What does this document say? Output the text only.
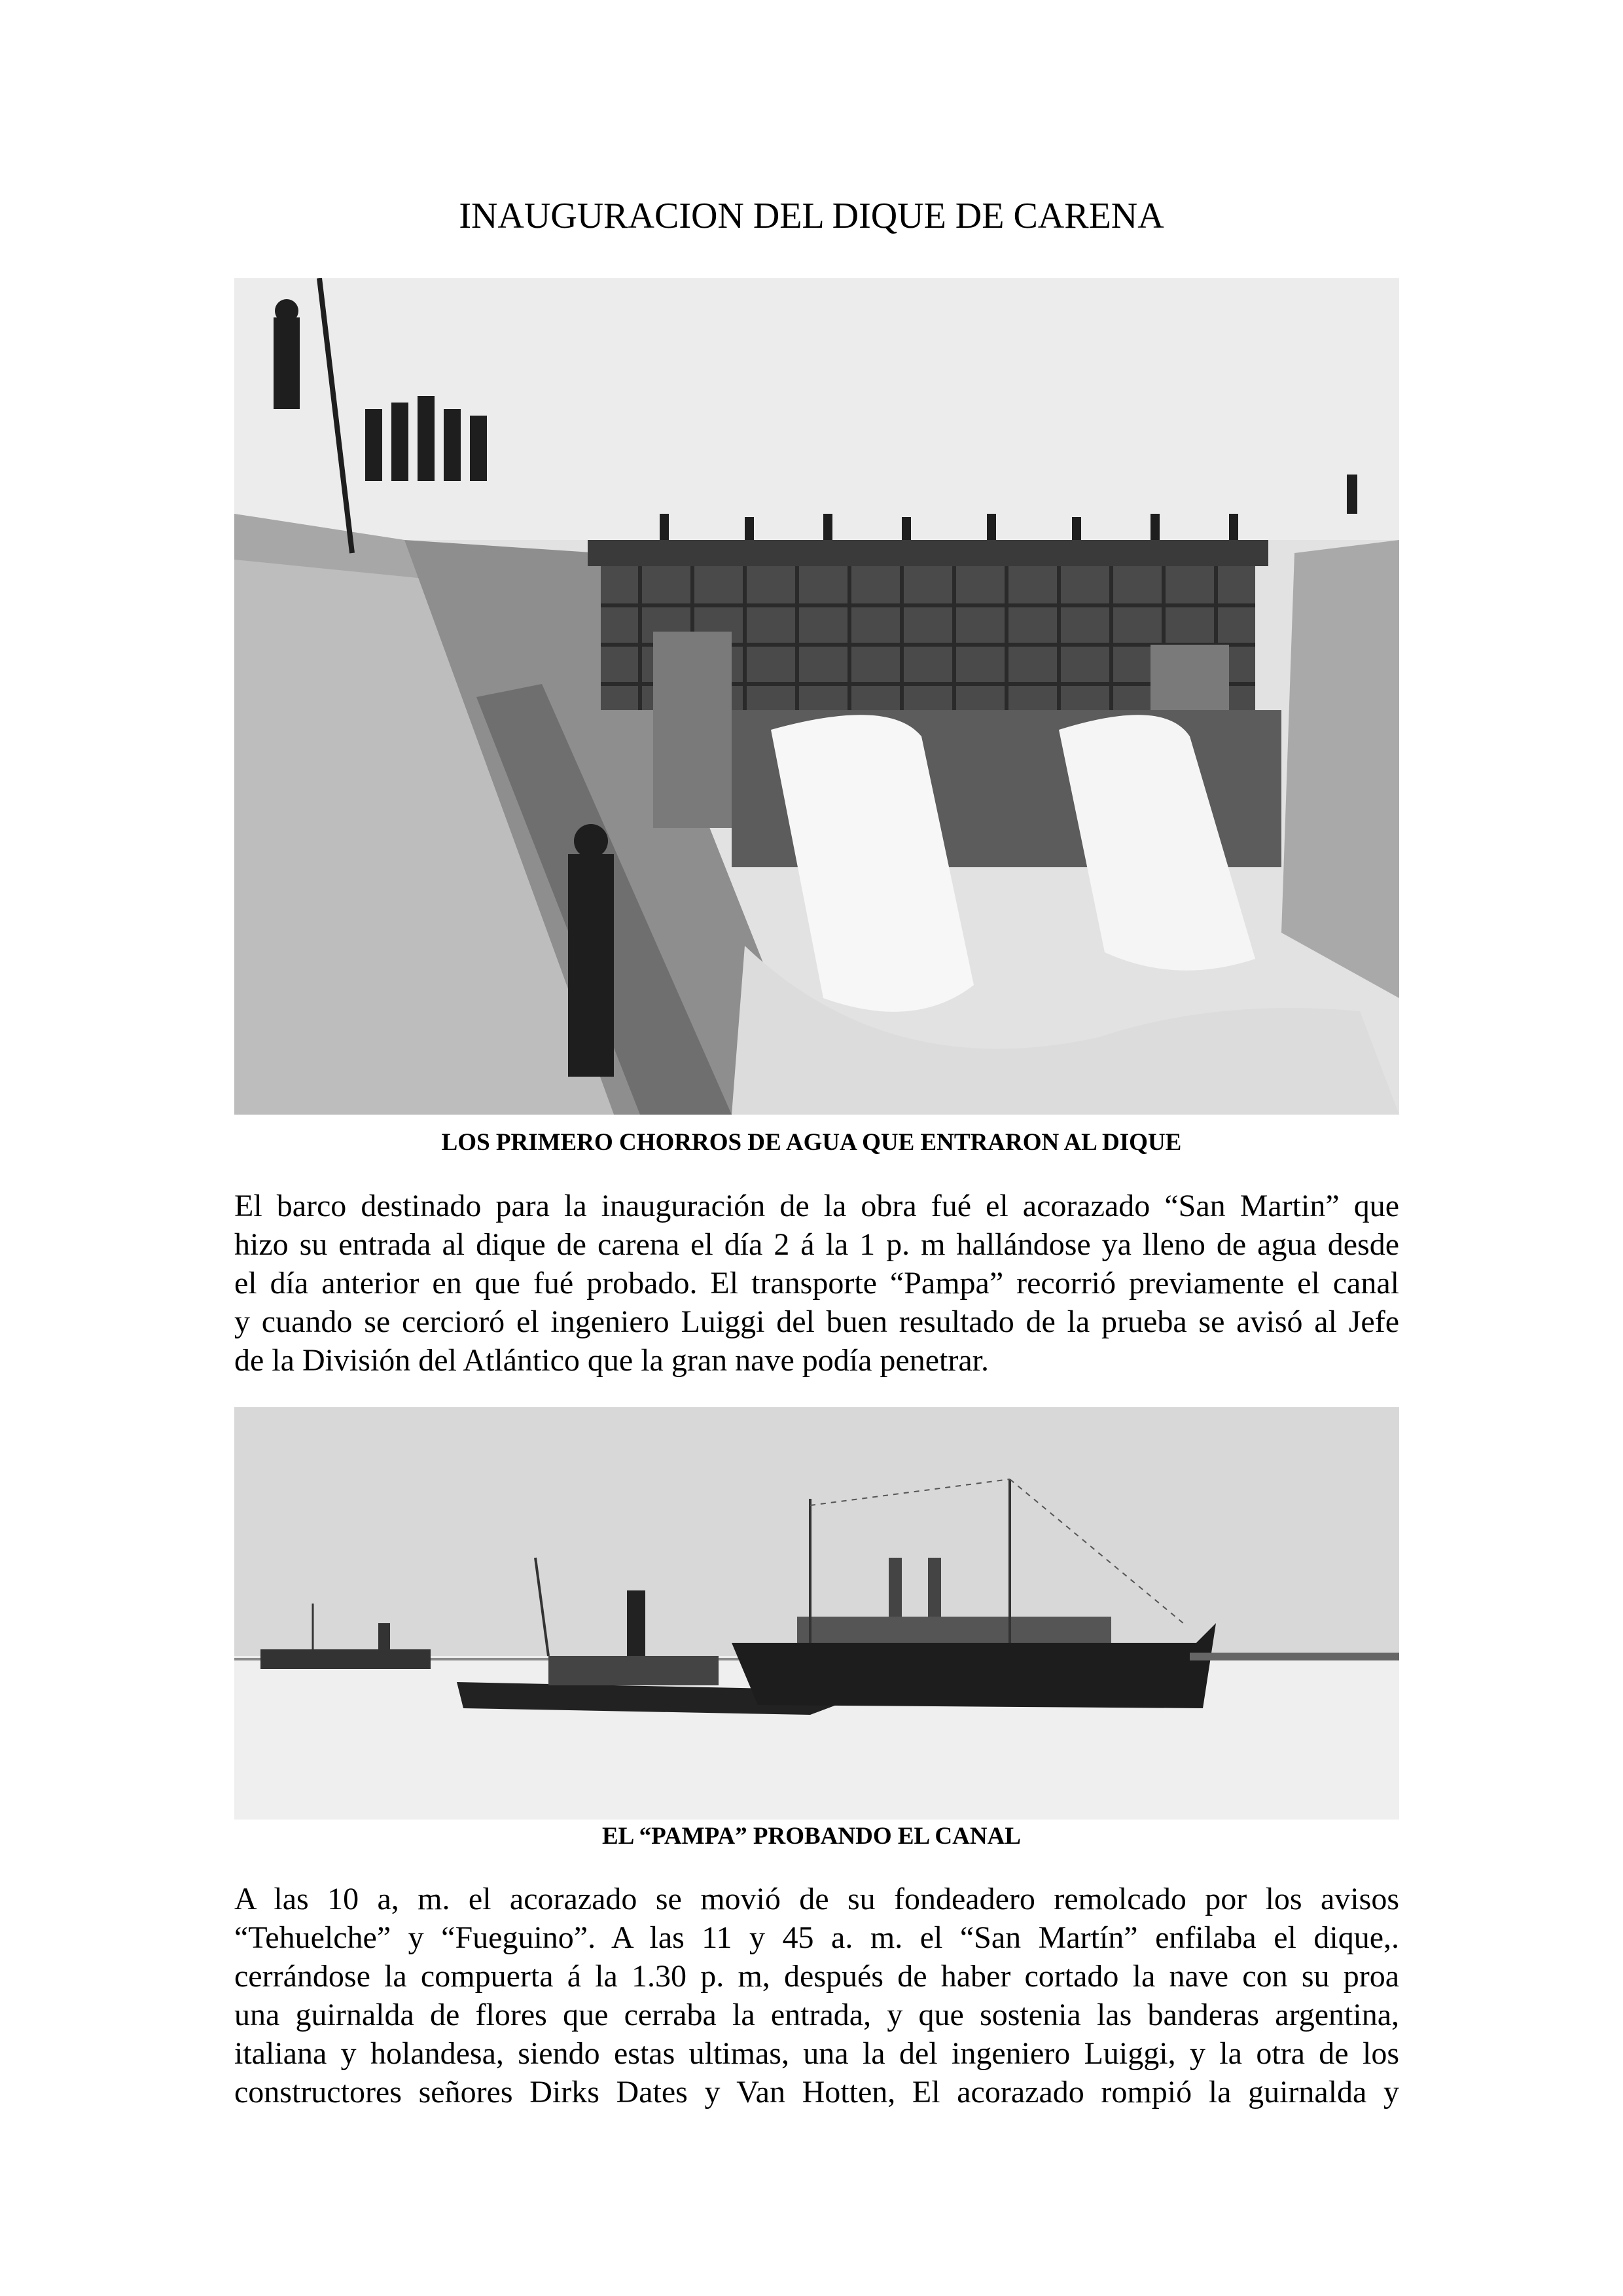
INAUGURACION DEL DIQUE DE CARENA
LOS PRIMERO CHORROS DE AGUA QUE ENTRARON AL DIQUE
El barco destinado para la inauguración de la obra fué el acorazado “San Martin” que
hizo su entrada al dique de carena el día 2 á la 1 p. m hallándose ya lleno de agua desde
el día anterior en que fué probado. El transporte “Pampa” recorrió previamente el canal
y cuando se cercioró el ingeniero Luiggi del buen resultado de la prueba se avisó al Jefe
de la División del Atlántico que la gran nave podía penetrar.
EL “PAMPA” PROBANDO EL CANAL
A las 10 a, m. el acorazado se movió de su fondeadero remolcado por los avisos
“Tehuelche” y “Fueguino”. A las 11 y 45 a. m. el “San Martín” enfilaba el dique,.
cerrándose la compuerta á la 1.30 p. m, después de haber cortado la nave con su proa
una guirnalda de flores que cerraba la entrada, y que sostenia las banderas argentina,
italiana y holandesa, siendo estas ultimas, una la del ingeniero Luiggi, y la otra de los
constructores señores Dirks Dates y Van Hotten, El acorazado rompió la guirnalda y
